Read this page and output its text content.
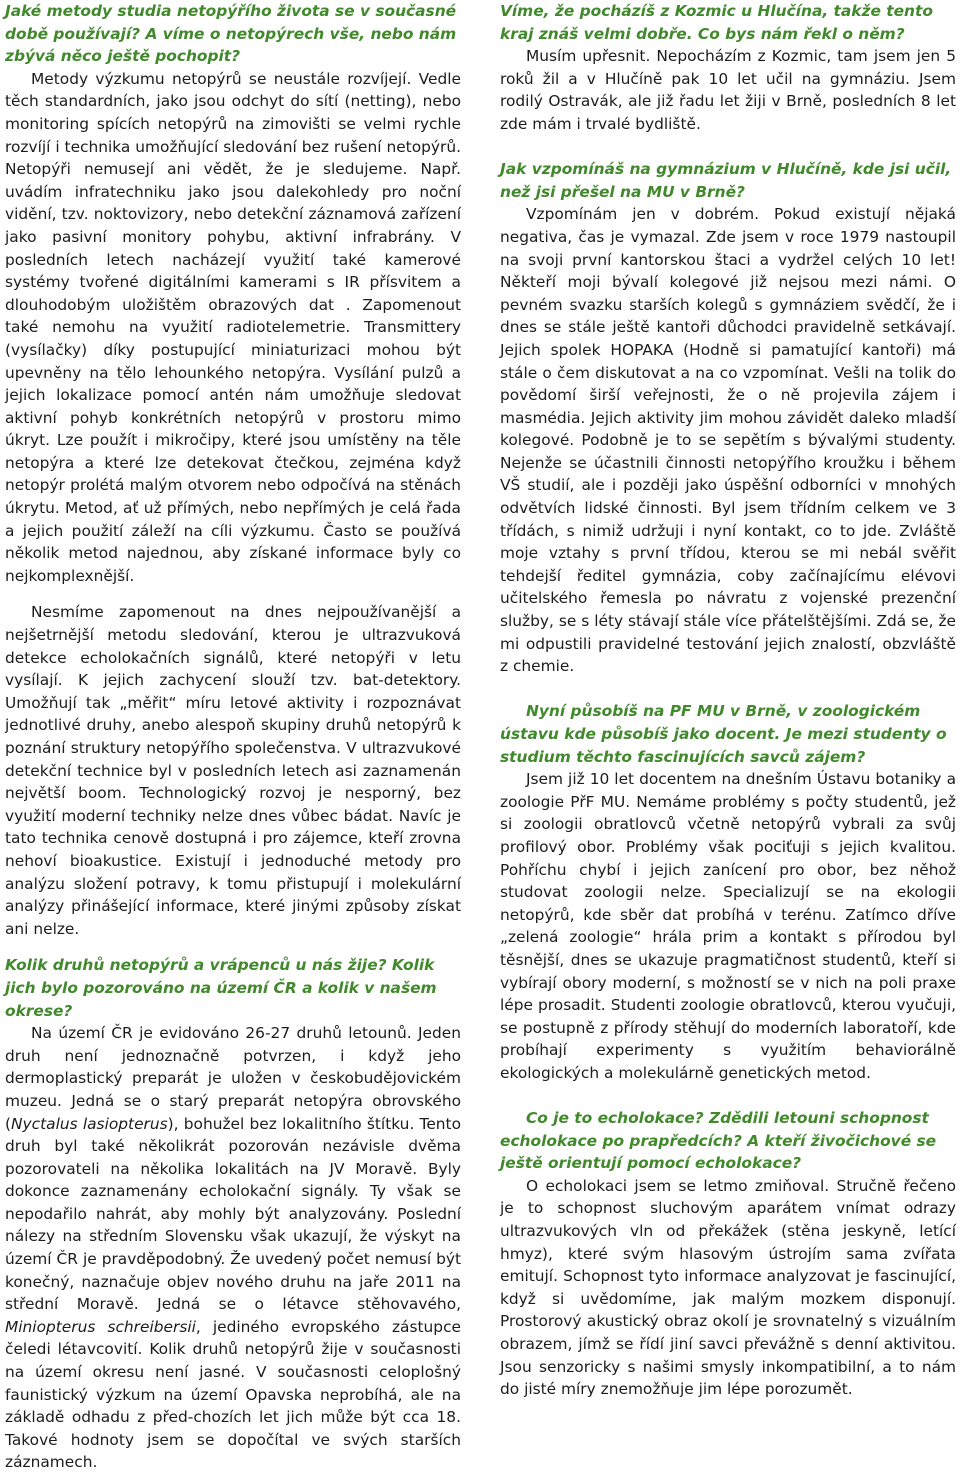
Jaké metody studia netopýřího života se v současné době používají? A víme o netopýrech vše, nebo nám zbývá něco ještě pochopit?

Metody výzkumu netopýrů se neustále rozvíjejí. Vedle těch standardních, jako jsou odchyt do sítí (netting), nebo monitoring spících netopýrů na zimovišti se velmi rychle rozvíjí i technika umožňující sledování bez rušení netopýrů. Netopýři nemusejí ani vědět, že je sledujeme. Např. uvádím infratechniku jako jsou dalekohledy pro noční vidění, tzv. noktovizory, nebo detekční záznamová zařízení jako pasivní monitory pohybu, aktivní infrabrány. V posledních letech nacházejí využití také kamerové systémy tvořené digitálními kamerami s IR přísvitem a dlouhodobým uložištěm obrazových dat . Zapomenout také nemohu na využití radiotelemetrie. Transmittery (vysílačky) díky postupující miniaturizaci mohou být upevněny na tělo lehounkého netopýra. Vysílání pulzů a jejich lokalizace pomocí antén nám umožňuje sledovat aktivní pohyb konkrétních netopýrů v prostoru mimo úkryt. Lze použít i mikročipy, které jsou umístěny na těle netopýra a které lze detekovat čtečkou, zejména když netopýr prolétá malým otvorem nebo odpočívá na stěnách úkrytu. Metod, ať už přímých, nebo nepřímých je celá řada a jejich použití záleží na cíli výzkumu. Často se používá několik metod najednou, aby získané informace byly co nejkomplexnější.

Nesmíme zapomenout na dnes nejpoužívanější a nejšetrnější metodu sledování, kterou je ultrazvuková detekce echolokačních signálů, které netopýři v letu vysílají. K jejich zachycení slouží tzv. bat-detektory. Umožňují tak „měřit“ míru letové aktivity i rozpoznávat jednotlivé druhy, anebo alespoň skupiny druhů netopýrů k poznání struktury netopýřího společenstva. V ultrazvukové detekční technice byl v posledních letech asi zaznamenán největší boom. Technologický rozvoj je nesporný, bez využití moderní techniky nelze dnes vůbec bádat. Navíc je tato technika cenově dostupná i pro zájemce, kteří zrovna nehoví bioakustice. Existují i jednoduché metody pro analýzu složení potravy, k tomu přistupují i molekulární analýzy přinášející informace, které jinými způsoby získat ani nelze.

Kolik druhů netopýrů a vrápenců u nás žije? Kolik jich bylo pozorováno na území ČR a kolik v našem okrese?

Na území ČR je evidováno 26-27 druhů letounů. Jeden druh není jednoznačně potvrzen, i když jeho dermoplastický preparát je uložen v českobudějovickém muzeu. Jedná se o starý preparát netopýra obrovského (Nyctalus lasiopterus), bohužel bez lokalitního štítku. Tento druh byl také několikrát pozorován nezávisle dvěma pozorovateli na několika lokalitách na JV Moravě. Byly dokonce zaznamenány echolokační signály. Ty však se nepodařilo nahrát, aby mohly být analyzovány. Poslední nálezy na středním Slovensku však ukazují, že výskyt na území ČR je pravděpodobný. Že uvedený počet nemusí být konečný, naznačuje objev nového druhu na jaře 2011 na střední Moravě. Jedná se o létavce stěhovavého, Miniopterus schreibersii, jediného evropského zástupce čeledi létavcovití. Kolik druhů netopýrů žije v současnosti na území okresu není jasné. V současnosti celoplošný faunistický výzkum na území Opavska neprobíhá, ale na základě odhadu z před-chozích let jich může být cca 18. Takové hodnoty jsem se dopočítal ve svých starších záznamech.

Víme, že pocházíš z Kozmic u Hlučína, takže tento kraj znáš velmi dobře. Co bys nám řekl o něm?

Musím upřesnit. Nepocházím z Kozmic, tam jsem jen 5 roků žil a v Hlučíně pak 10 let učil na gymnáziu. Jsem rodilý Ostravák, ale již řadu let žiji v Brně, posledních 8 let zde mám i trvalé bydliště.

Jak vzpomínáš na gymnázium v Hlučíně, kde jsi učil, než jsi přešel na MU v Brně?

Vzpomínám jen v dobrém. Pokud existují nějaká negativa, čas je vymazal. Zde jsem v roce 1979 nastoupil na svoji první kantorskou štaci a vydržel celých 10 let! Někteří moji bývalí kolegové již nejsou mezi námi. O pevném svazku starších kolegů s gymnáziem svědčí, že i dnes se stále ještě kantoři důchodci pravidelně setkávají. Jejich spolek HOPAKA (Hodně si pamatující kantoři) má stále o čem diskutovat a na co vzpomínat. Vešli na tolik do povědomí širší veřejnosti, že o ně projevila zájem i masmédia. Jejich aktivity jim mohou závidět daleko mladší kolegové. Podobně je to se sepětím s bývalými studenty. Nejenže se účastnili činnosti netopýřího kroužku i během VŠ studií, ale i později jako úspěšní odborníci v mnohých odvětvích lidské činnosti. Byl jsem třídním celkem ve 3 třídách, s nimiž udržuji i nyní kontakt, co to jde. Zvláště moje vztahy s první třídou, kterou se mi nebál svěřit tehdejší ředitel gymnázia, coby začínajícímu elévovi učitelského řemesla po návratu z vojenské prezenční služby, se s léty stávají stále více přátelštějšími. Zdá se, že mi odpustili pravidelné testování jejich znalostí, obzvláště z chemie.

Nyní působíš na PF MU v Brně, v zoologickém ústavu kde působíš jako docent. Je mezi studenty o studium těchto fascinujících savců zájem?

Jsem již 10 let docentem na dnešním Ústavu botaniky a zoologie PřF MU. Nemáme problémy s počty studentů, jež si zoologii obratlovců včetně netopýrů vybrali za svůj profilový obor. Problémy však pociťuji s jejich kvalitou. Pohříchu chybí i jejich zanícení pro obor, bez něhož studovat zoologii nelze. Specializují se na ekologii netopýrů, kde sběr dat probíhá v terénu. Zatímco dříve „zelená zoologie“ hrála prim a kontakt s přírodou byl těsnější, dnes se ukazuje pragmatičnost studentů, kteří si vybírají obory moderní, s možností se v nich na poli praxe lépe prosadit. Studenti zoologie obratlovců, kterou vyučuji, se postupně z přírody stěhují do moderních laboratoří, kde probíhají experimenty s využitím behaviorálně ekologických a molekulárně genetických metod.

Co je to echolokace? Zdědili letouni schopnost echolokace po prapředcích? A kteří živočichové se ještě orientují pomocí echolokace?

O echolokaci jsem se letmo zmiňoval. Stručně řečeno je to schopnost sluchovým aparátem vnímat odrazy ultrazvukových vln od překážek (stěna jeskyně, letící hmyz), které svým hlasovým ústrojím sama zvířata emitují. Schopnost tyto informace analyzovat je fascinující, když si uvědomíme, jak malým mozkem disponují. Prostorový akustický obraz okolí je srovnatelný s vizuálním obrazem, jímž se řídí jiní savci převážně s denní aktivitou. Jsou senzoricky s našimi smysly inkompatibilní, a to nám do jisté míry znemožňuje jim lépe porozumět.
